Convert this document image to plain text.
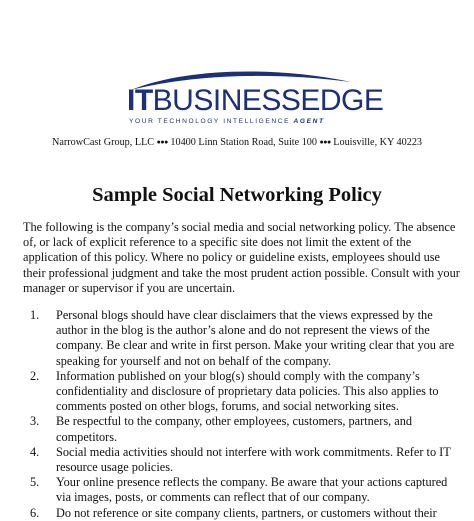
ITBUSINESSEDGE
YOUR TECHNOLOGY INTELLIGENCE AGENT
NarrowCast Group, LLC ●●● 10400 Linn Station Road, Suite 100 ●●● Louisville, KY 40223
Sample Social Networking Policy
The following is the company’s social media and social networking policy. The absence
of, or lack of explicit reference to a specific site does not limit the extent of the
application of this policy. Where no policy or guideline exists, employees should use
their professional judgment and take the most prudent action possible. Consult with your
manager or supervisor if you are uncertain.
1. Personal blogs should have clear disclaimers that the views expressed by the
author in the blog is the author’s alone and do not represent the views of the
company. Be clear and write in first person. Make your writing clear that you are
speaking for yourself and not on behalf of the company.
2. Information published on your blog(s) should comply with the company’s
confidentiality and disclosure of proprietary data policies. This also applies to
comments posted on other blogs, forums, and social networking sites.
3. Be respectful to the company, other employees, customers, partners, and
competitors.
4. Social media activities should not interfere with work commitments. Refer to IT
resource usage policies.
5. Your online presence reflects the company. Be aware that your actions captured
via images, posts, or comments can reflect that of our company.
6. Do not reference or site company clients, partners, or customers without their
